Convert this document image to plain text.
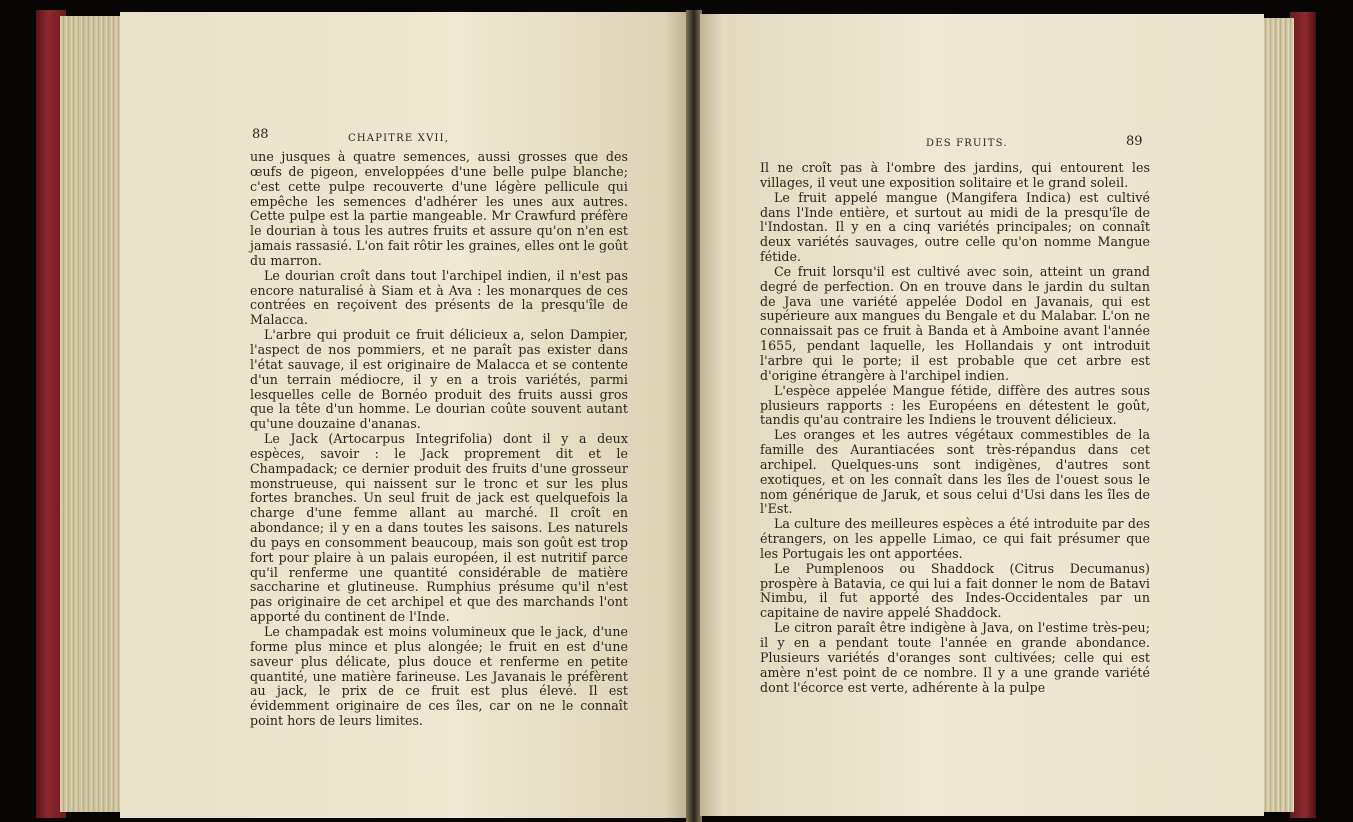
88	CHAPITRE XVII,

une jusques à quatre semences, aussi grosses que des œufs de pigeon, enveloppées d'une belle pulpe blanche; c'est cette pulpe recouverte d'une légère pellicule qui empêche les semences d'adhérer les unes aux autres. Cette pulpe est la partie mangeable. Mr Crawfurd préfère le dourian à tous les autres fruits et assure qu'on n'en est jamais rassasié. L'on fait rôtir les graines, elles ont le goût du marron.

Le dourian croît dans tout l'archipel indien, il n'est pas encore naturalisé à Siam et à Ava : les monarques de ces contrées en reçoivent des présents de la presqu'île de Malacca.

L'arbre qui produit ce fruit délicieux a, selon Dampier, l'aspect de nos pommiers, et ne paraît pas exister dans l'état sauvage, il est originaire de Malacca et se contente d'un terrain médiocre, il y en a trois variétés, parmi lesquelles celle de Bornéo produit des fruits aussi gros que la tête d'un homme. Le dourian coûte souvent autant qu'une douzaine d'ananas.

Le Jack (Artocarpus Integrifolia) dont il y a deux espèces, savoir : le Jack proprement dit et le Champadack; ce dernier produit des fruits d'une grosseur monstrueuse, qui naissent sur le tronc et sur les plus fortes branches. Un seul fruit de jack est quelquefois la charge d'une femme allant au marché. Il croît en abondance; il y en a dans toutes les saisons. Les naturels du pays en consomment beaucoup, mais son goût est trop fort pour plaire à un palais européen, il est nutritif parce qu'il renferme une quantité considérable de matière saccharine et glutineuse. Rumphius présume qu'il n'est pas originaire de cet archipel et que des marchands l'ont apporté du continent de l'Inde.

Le champadak est moins volumineux que le jack, d'une forme plus mince et plus alongée; le fruit en est d'une saveur plus délicate, plus douce et renferme en petite quantité, une matière farineuse. Les Javanais le préfèrent au jack, le prix de ce fruit est plus élevé. Il est évidemment originaire de ces îles, car on ne le connaît point hors de leurs limites.

DES FRUITS.	89

Il ne croît pas à l'ombre des jardins, qui entourent les villages, il veut une exposition solitaire et le grand soleil.

Le fruit appelé mangue (Mangifera Indica) est cultivé dans l'Inde entière, et surtout au midi de la presqu'île de l'Indostan. Il y en a cinq variétés principales; on connaît deux variétés sauvages, outre celle qu'on nomme Mangue fétide.

Ce fruit lorsqu'il est cultivé avec soin, atteint un grand degré de perfection. On en trouve dans le jardin du sultan de Java une variété appelée Dodol en Javanais, qui est supérieure aux mangues du Bengale et du Malabar. L'on ne connaissait pas ce fruit à Banda et à Amboine avant l'année 1655, pendant laquelle, les Hollandais y ont introduit l'arbre qui le porte; il est probable que cet arbre est d'origine étrangère à l'archipel indien.

L'espèce appelée Mangue fétide, diffère des autres sous plusieurs rapports : les Européens en détestent le goût, tandis qu'au contraire les Indiens le trouvent délicieux.

Les oranges et les autres végétaux commestibles de la famille des Aurantiacées sont très-répandus dans cet archipel. Quelques-uns sont indigènes, d'autres sont exotiques, et on les connaît dans les îles de l'ouest sous le nom générique de Jaruk, et sous celui d'Usi dans les îles de l'Est.

La culture des meilleures espèces a été introduite par des étrangers, on les appelle Limao, ce qui fait présumer que les Portugais les ont apportées.

Le Pumplenoos ou Shaddock (Citrus Decumanus) prospère à Batavia, ce qui lui a fait donner le nom de Batavi Nimbu, il fut apporté des Indes-Occidentales par un capitaine de navire appelé Shaddock.

Le citron paraît être indigène à Java, on l'estime très-peu; il y en a pendant toute l'année en grande abondance. Plusieurs variétés d'oranges sont cultivées; celle qui est amère n'est point de ce nombre. Il y a une grande variété dont l'écorce est verte, adhérente à la pulpe
